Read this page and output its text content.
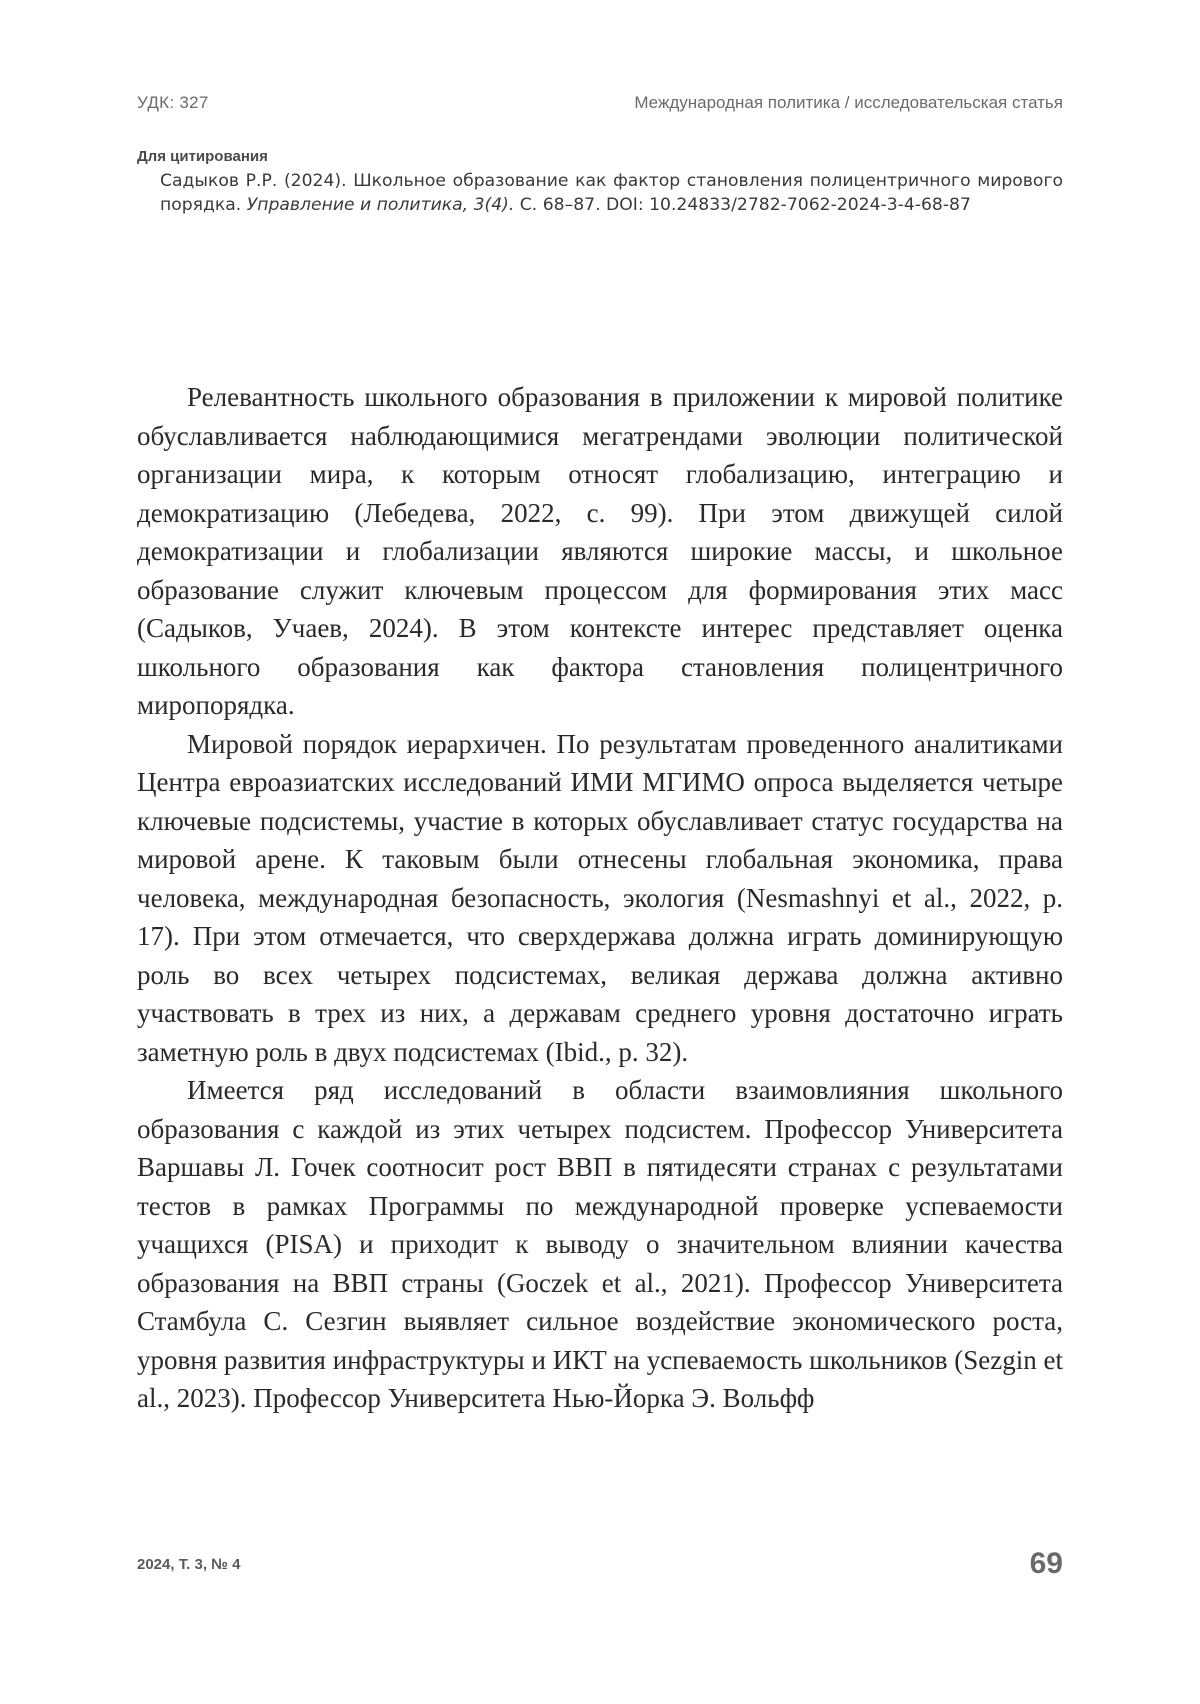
УДК: 327	Международная политика / исследовательская статья
Для цитирования
Садыков Р.Р. (2024). Школьное образование как фактор становления полицентричного мирового порядка. Управление и политика, 3(4). С. 68–87. DOI: 10.24833/2782-7062-2024-3-4-68-87

Релевантность школьного образования в приложении к мировой политике обуславливается наблюдающимися мегатрендами эволюции политической организации мира, к которым относят глобализацию, интеграцию и демократизацию (Лебедева, 2022, с. 99). При этом движущей силой демократизации и глобализации являются широкие массы, и школьное образование служит ключевым процессом для формирования этих масс (Садыков, Учаев, 2024). В этом контексте интерес представляет оценка школьного образования как фактора становления полицентричного миропорядка.

Мировой порядок иерархичен. По результатам проведенного аналитиками Центра евроазиатских исследований ИМИ МГИМО опроса выделяется четыре ключевые подсистемы, участие в которых обуславливает статус государства на мировой арене. К таковым были отнесены глобальная экономика, права человека, международная безопасность, экология (Nesmashnyi et al., 2022, p. 17). При этом отмечается, что сверхдержава должна играть доминирующую роль во всех четырех подсистемах, великая держава должна активно участвовать в трех из них, а державам среднего уровня достаточно играть заметную роль в двух подсистемах (Ibid., p. 32).

Имеется ряд исследований в области взаимовлияния школьного образования с каждой из этих четырех подсистем. Профессор Университета Варшавы Л. Гочек соотносит рост ВВП в пятидесяти странах с результатами тестов в рамках Программы по международной проверке успеваемости учащихся (PISA) и приходит к выводу о значительном влиянии качества образования на ВВП страны (Goczek et al., 2021). Профессор Университета Стамбула С. Сезгин выявляет сильное воздействие экономического роста, уровня развития инфраструктуры и ИКТ на успеваемость школьников (Sezgin et al., 2023). Профессор Университета Нью-Йорка Э. Вольфф

2024, Т. 3, № 4	69
